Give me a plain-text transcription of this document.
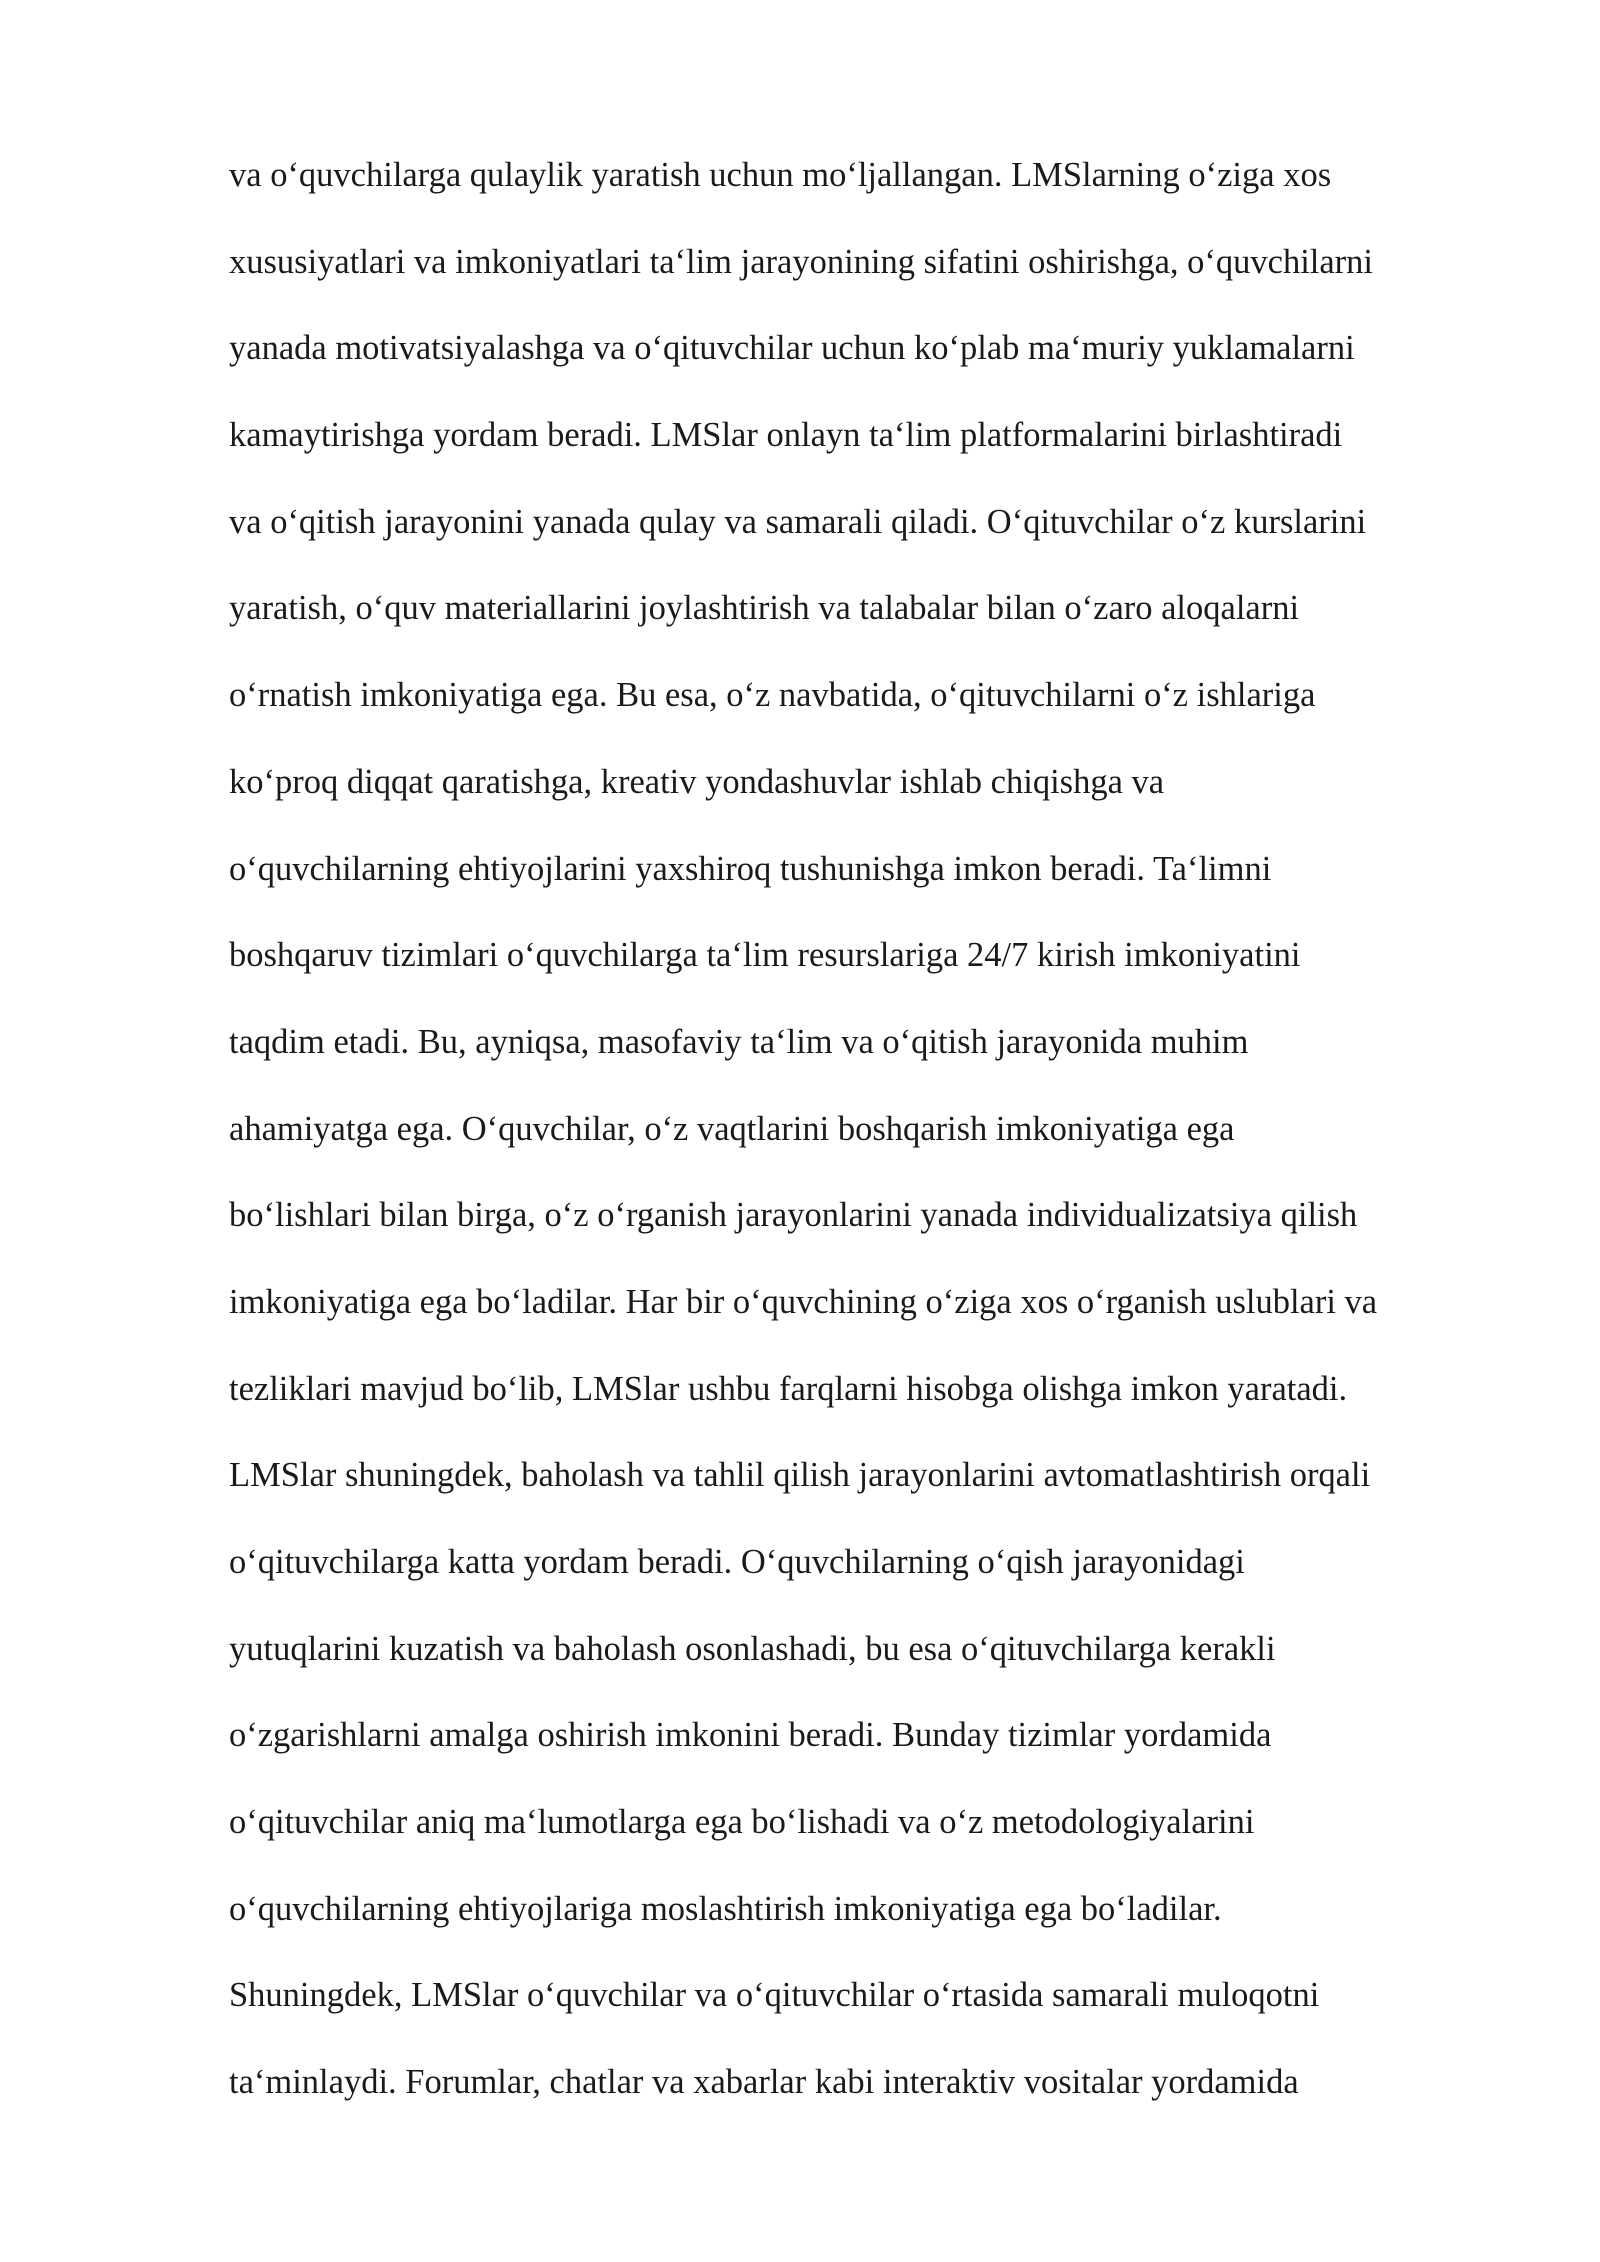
va o‘quvchilarga qulaylik yaratish uchun mo‘ljallangan. LMSlarning o‘ziga xos
xususiyatlari va imkoniyatlari ta‘lim jarayonining sifatini oshirishga, o‘quvchilarni
yanada motivatsiyalashga va o‘qituvchilar uchun ko‘plab ma‘muriy yuklamalarni
kamaytirishga yordam beradi. LMSlar onlayn ta‘lim platformalarini birlashtiradi
va o‘qitish jarayonini yanada qulay va samarali qiladi. O‘qituvchilar o‘z kurslarini
yaratish, o‘quv materiallarini joylashtirish va talabalar bilan o‘zaro aloqalarni
o‘rnatish imkoniyatiga ega. Bu esa, o‘z navbatida, o‘qituvchilarni o‘z ishlariga
ko‘proq diqqat qaratishga, kreativ yondashuvlar ishlab chiqishga va
o‘quvchilarning ehtiyojlarini yaxshiroq tushunishga imkon beradi. Ta‘limni
boshqaruv tizimlari o‘quvchilarga ta‘lim resurslariga 24/7 kirish imkoniyatini
taqdim etadi. Bu, ayniqsa, masofaviy ta‘lim va o‘qitish jarayonida muhim
ahamiyatga ega. O‘quvchilar, o‘z vaqtlarini boshqarish imkoniyatiga ega
bo‘lishlari bilan birga, o‘z o‘rganish jarayonlarini yanada individualizatsiya qilish
imkoniyatiga ega bo‘ladilar. Har bir o‘quvchining o‘ziga xos o‘rganish uslublari va
tezliklari mavjud bo‘lib, LMSlar ushbu farqlarni hisobga olishga imkon yaratadi.
LMSlar shuningdek, baholash va tahlil qilish jarayonlarini avtomatlashtirish orqali
o‘qituvchilarga katta yordam beradi. O‘quvchilarning o‘qish jarayonidagi
yutuqlarini kuzatish va baholash osonlashadi, bu esa o‘qituvchilarga kerakli
o‘zgarishlarni amalga oshirish imkonini beradi. Bunday tizimlar yordamida
o‘qituvchilar aniq ma‘lumotlarga ega bo‘lishadi va o‘z metodologiyalarini
o‘quvchilarning ehtiyojlariga moslashtirish imkoniyatiga ega bo‘ladilar.
Shuningdek, LMSlar o‘quvchilar va o‘qituvchilar o‘rtasida samarali muloqotni
ta‘minlaydi. Forumlar, chatlar va xabarlar kabi interaktiv vositalar yordamida
